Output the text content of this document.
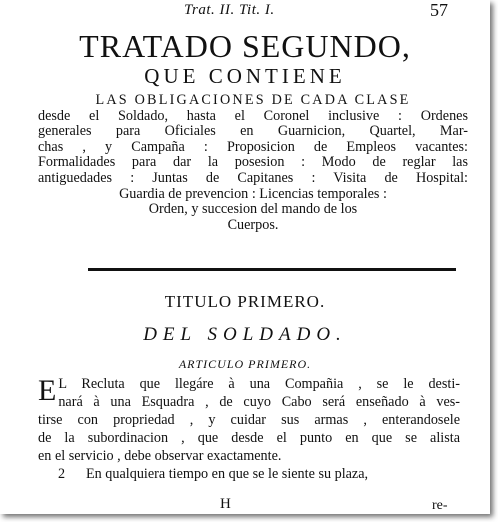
Trat. II. Tit. I.	57
TRATADO SEGUNDO,
QUE CONTIENE
LAS OBLIGACIONES DE CADA CLASE
desde el Soldado, hasta el Coronel inclusive : Ordenes
generales para Oficiales en Guarnicion, Quartel, Mar-
chas , y Campaña : Proposicion de Empleos vacantes:
Formalidades para dar la posesion : Modo de reglar las
antiguedades : Juntas de Capitanes : Visita de Hospital:
Guardia de prevencion : Licencias temporales :
Orden, y succesion del mando de los
Cuerpos.
TITULO PRIMERO.
DEL SOLDADO.
ARTICULO PRIMERO.
E L Recluta que llegáre à una Compañia , se le desti-
nará à una Esquadra , de cuyo Cabo será enseñado à ves-
tirse con propriedad , y cuidar sus armas , enterandosele
de la subordinacion , que desde el punto en que se alista
en el servicio , debe observar exactamente.
2 En qualquiera tiempo en que se le siente su plaza,
H	re-
